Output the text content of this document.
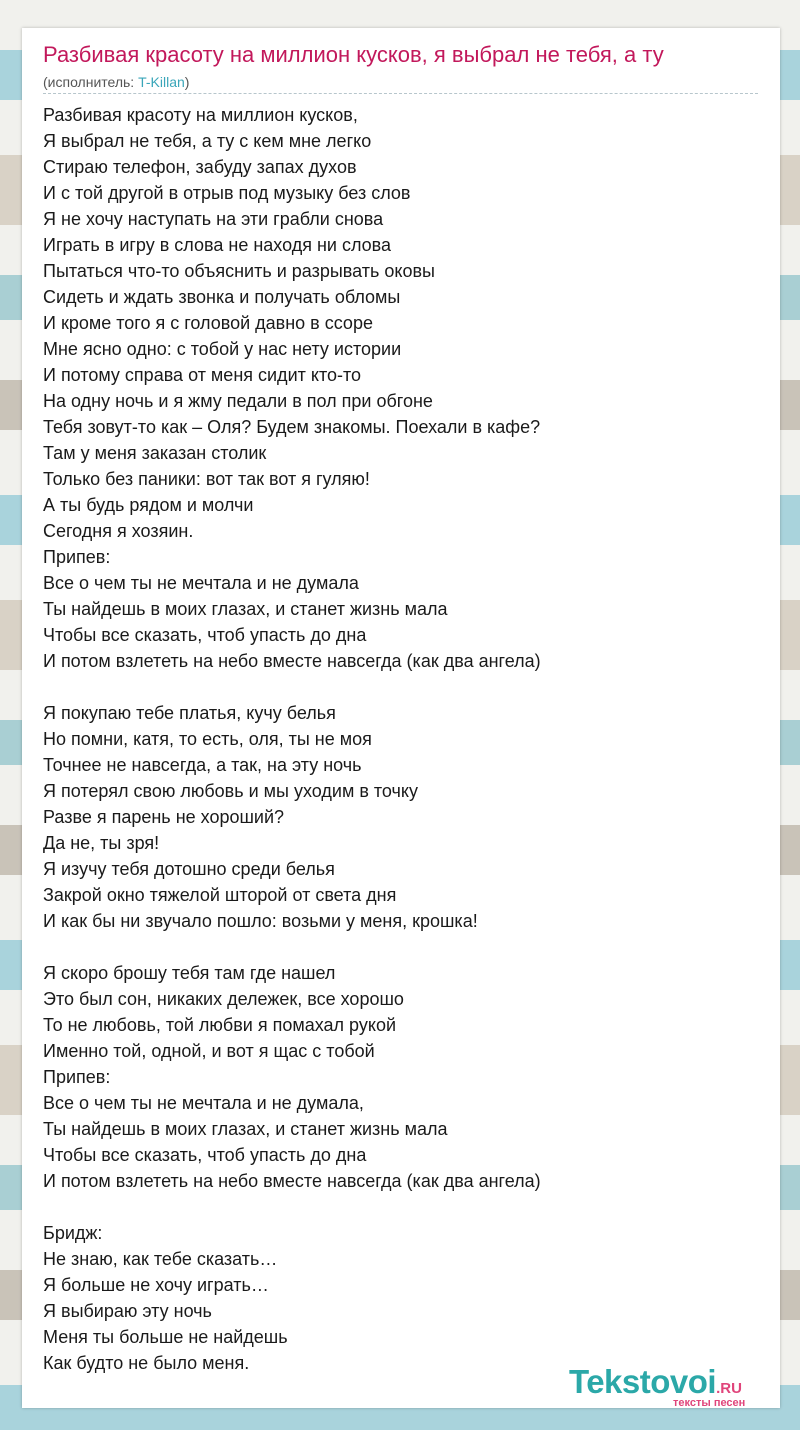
Разбивая красоту на миллион кусков, я выбрал не тебя, а ту
(исполнитель: T-Killan)
Разбивая красоту на миллион кусков,
Я выбрал не тебя, а ту с кем мне легко
Стираю телефон, забуду запах духов
И с той другой в отрыв под музыку без слов
Я не хочу наступать на эти грабли снова
Играть в игру в слова не находя ни слова
Пытаться что-то объяснить и разрывать оковы
Сидеть и ждать звонка и получать обломы
И кроме того я с головой давно в ссоре
Мне ясно одно: с тобой у нас нету истории
И потому справа от меня сидит кто-то
На одну ночь и я жму педали в пол при обгоне
Тебя зовут-то как – Оля? Будем знакомы. Поехали в кафе?
Там у меня заказан столик
Только без паники: вот так вот я гуляю!
А ты будь рядом и молчи
Сегодня я хозяин.
Припев:
Все о чем ты не мечтала и не думала
Ты найдешь в моих глазах, и станет жизнь мала
Чтобы все сказать, чтоб упасть до дна
И потом взлететь на небо вместе навсегда (как два ангела)
Я покупаю тебе платья, кучу белья
Но помни, катя, то есть, оля, ты не моя
Точнее не навсегда, а так, на эту ночь
Я потерял свою любовь и мы уходим в точку
Разве я парень не хороший?
Да не, ты зря!
Я изучу тебя дотошно среди белья
Закрой окно тяжелой шторой от света дня
И как бы ни звучало пошло: возьми у меня, крошка!
Я скоро брошу тебя там где нашел
Это был сон, никаких дележек, все хорошо
То не любовь, той любви я помахал рукой
Именно той, одной, и вот я щас с тобой
Припев:
Все о чем ты не мечтала и не думала,
Ты найдешь в моих глазах, и станет жизнь мала
Чтобы все сказать, чтоб упасть до дна
И потом взлететь на небо вместе навсегда (как два ангела)
Бридж:
Не знаю, как тебе сказать…
Я больше не хочу играть…
Я выбираю эту ночь
Меня ты больше не найдешь
Как будто не было меня.	Tekstovoi.RU
тексты песен
